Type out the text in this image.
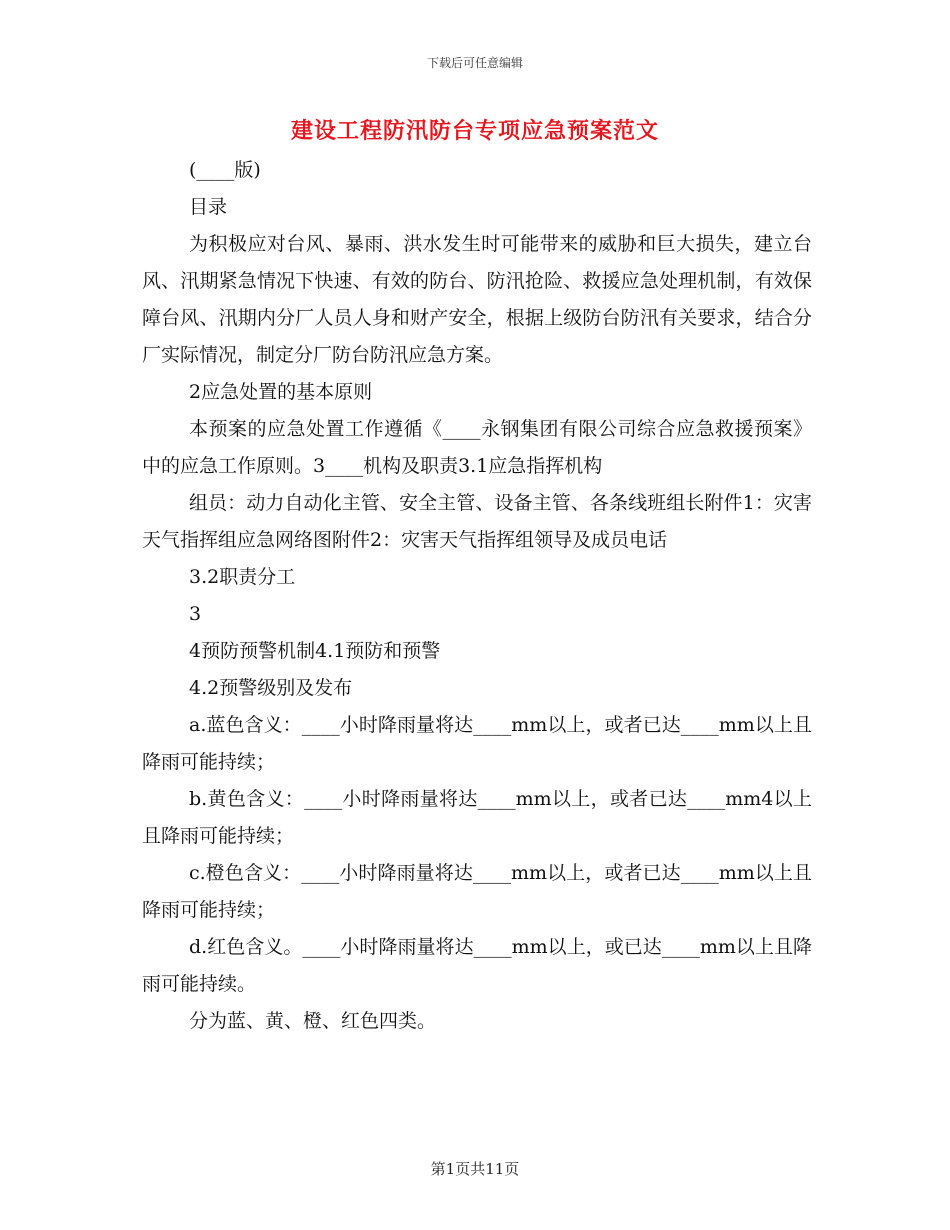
下载后可任意编辑
建设工程防汛防台专项应急预案范文

(____版)

目录

为积极应对台风、暴雨、洪水发生时可能带来的威胁和巨大损失，建立台风、汛期紧急情况下快速、有效的防台、防汛抢险、救援应急处理机制，有效保障台风、汛期内分厂人员人身和财产安全，根据上级防台防汛有关要求，结合分厂实际情况，制定分厂防台防汛应急方案。

2应急处置的基本原则

本预案的应急处置工作遵循《____永钢集团有限公司综合应急救援预案》中的应急工作原则。3____机构及职责3.1应急指挥机构

组员：动力自动化主管、安全主管、设备主管、各条线班组长附件1：灾害天气指挥组应急网络图附件2：灾害天气指挥组领导及成员电话

3.2职责分工

3

4预防预警机制4.1预防和预警

4.2预警级别及发布

a.蓝色含义：____小时降雨量将达____mm以上，或者已达____mm以上且降雨可能持续；

b.黄色含义：____小时降雨量将达____mm以上，或者已达____mm4以上且降雨可能持续；

c.橙色含义：____小时降雨量将达____mm以上，或者已达____mm以上且降雨可能持续；

d.红色含义。____小时降雨量将达____mm以上，或已达____mm以上且降雨可能持续。

分为蓝、黄、橙、红色四类。

第1页共11页
